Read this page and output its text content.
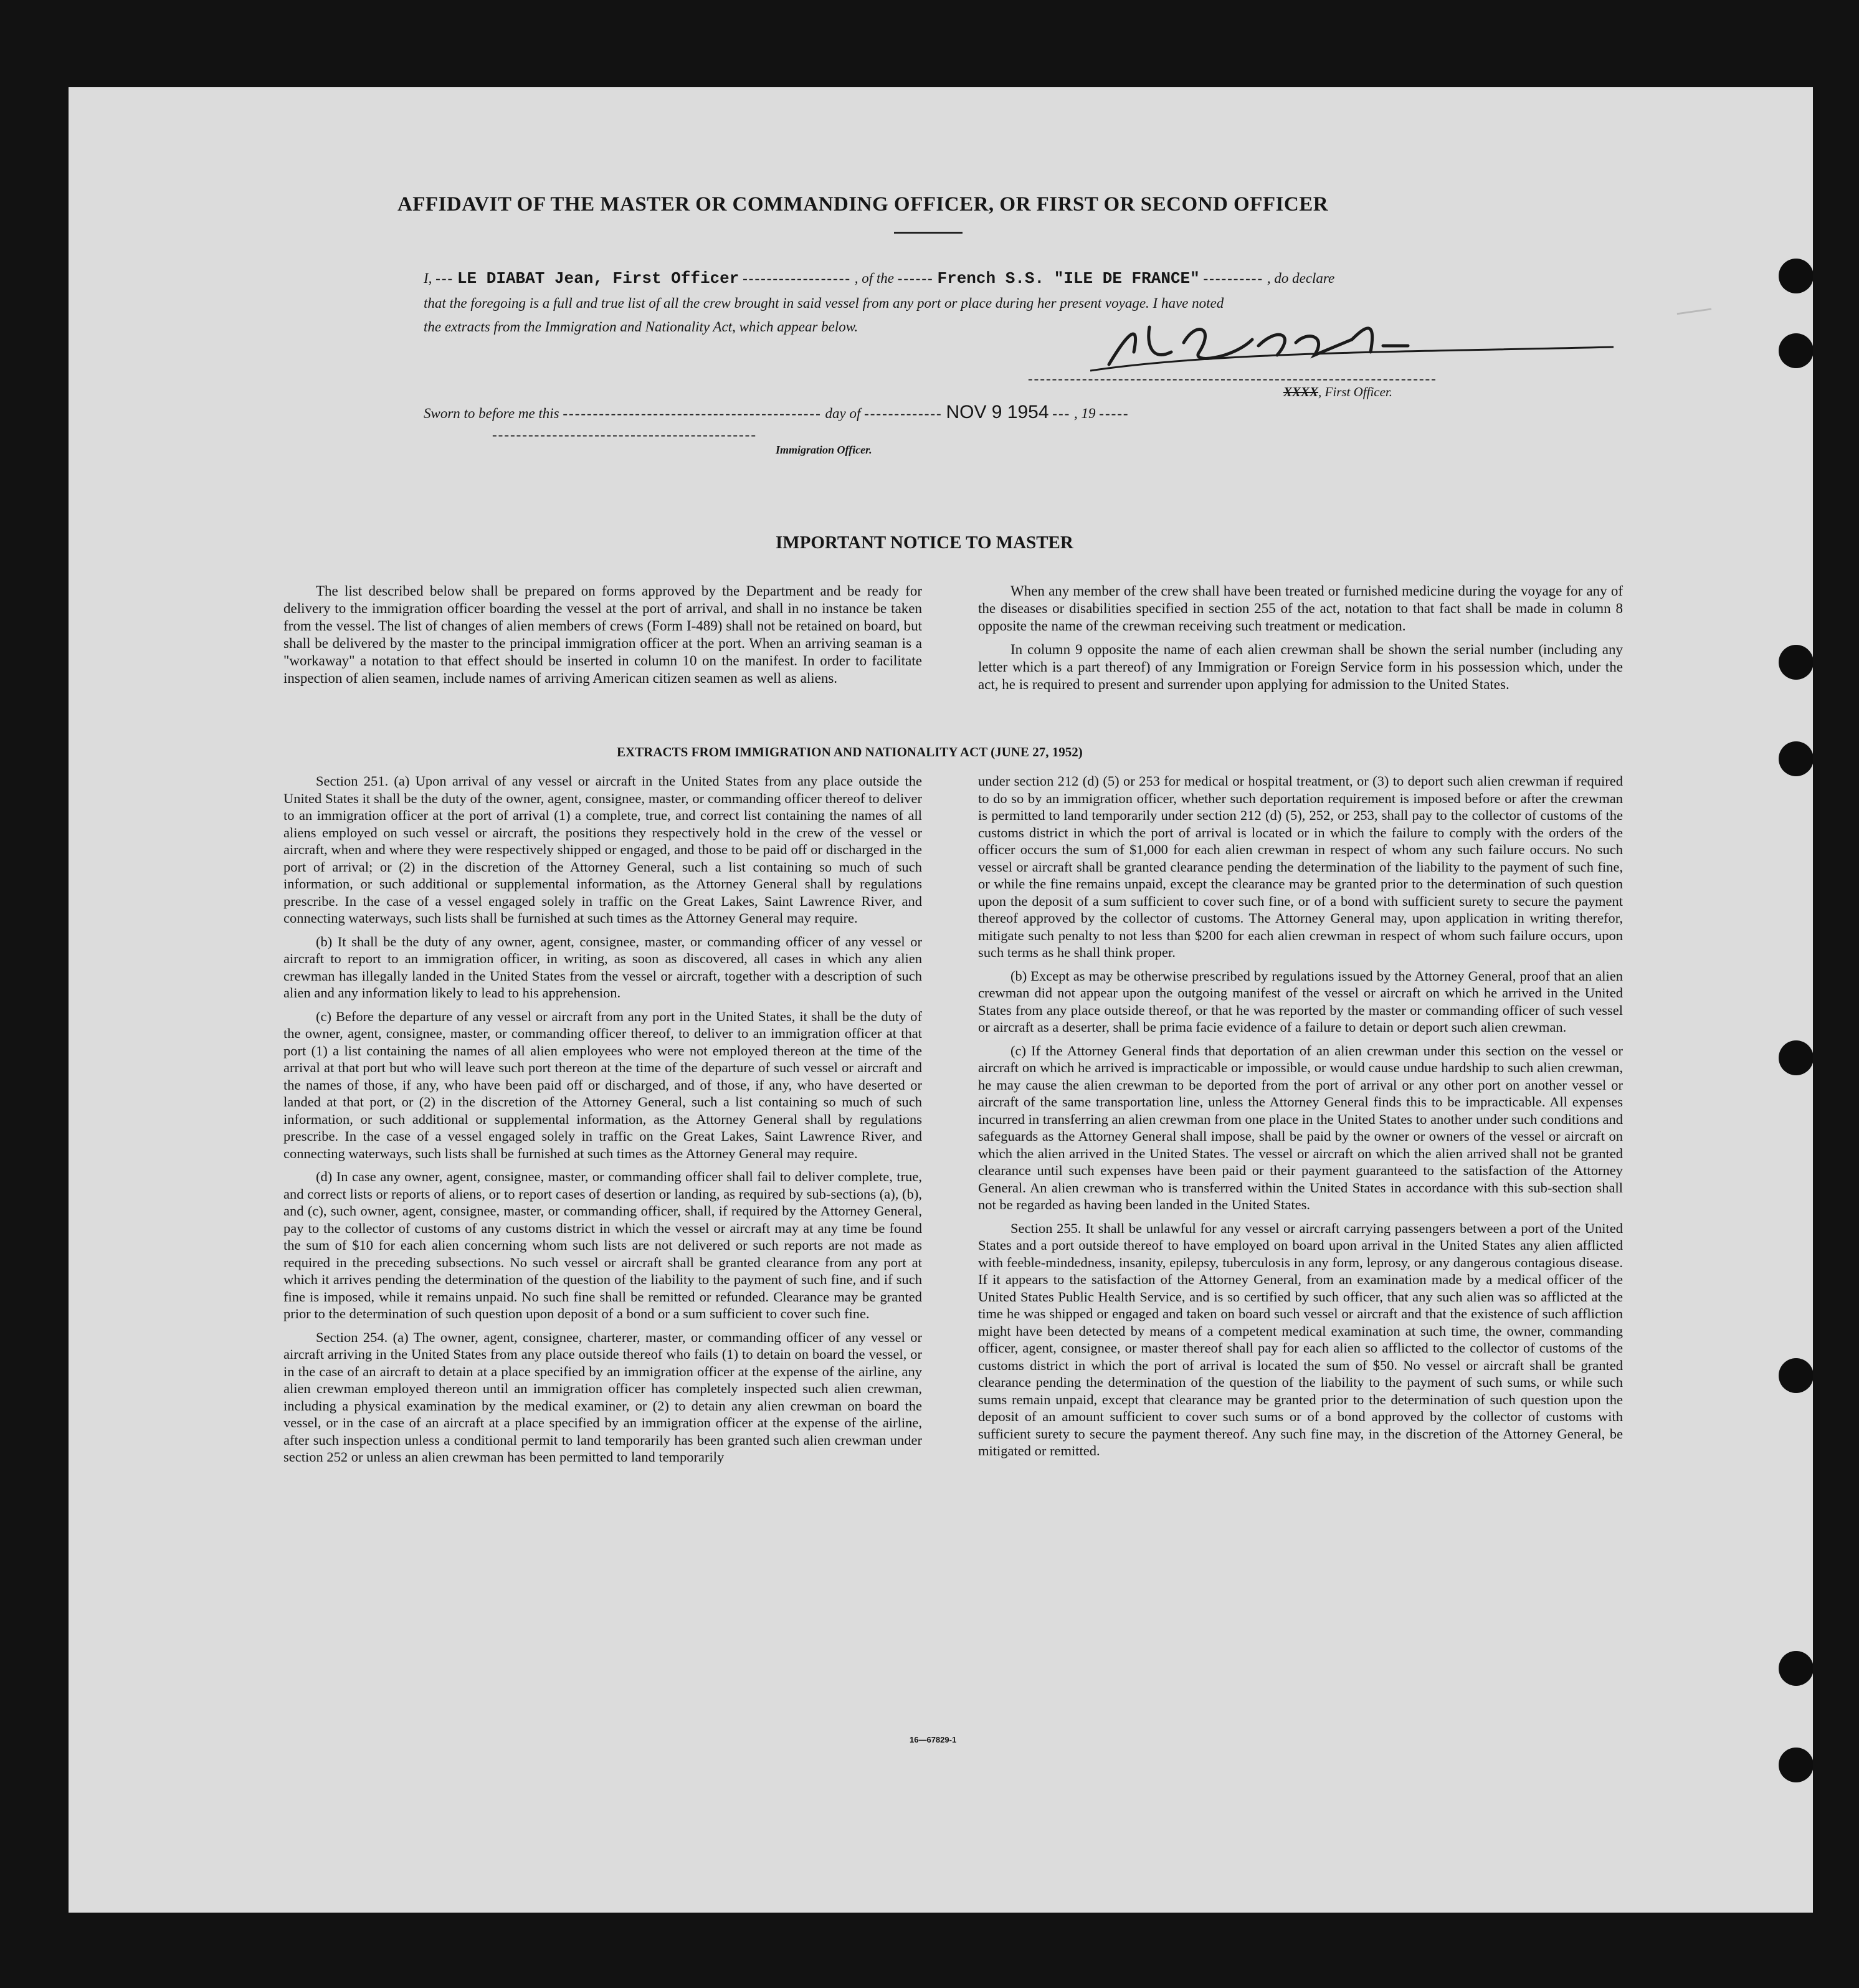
⸺
AFFIDAVIT OF THE MASTER OR COMMANDING OFFICER, OR FIRST OR SECOND OFFICER
I, --- LE DIABAT Jean, First Officer ------------------ , of the ------ French S.S. "ILE DE FRANCE" ---------- , do declare
that the foregoing is a full and true list of all the crew brought in said vessel from any port or place during her present voyage. I have noted
the extracts from the Immigration and Nationality Act, which appear below.
--------------------------------------------------------------------
XXXX, First Officer.
Sworn to before me this ------------------------------------------- day of ------------- NOV 9 1954 --- , 19 -----
--------------------------------------------
Immigration Officer.
IMPORTANT NOTICE TO MASTER

The list described below shall be prepared on forms approved by the Department and be ready for delivery to the immigration officer boarding the vessel at the port of arrival, and shall in no instance be taken from the vessel. The list of changes of alien members of crews (Form I-489) shall not be retained on board, but shall be delivered by the master to the principal immigration officer at the port. When an arriving seaman is a "workaway" a notation to that effect should be inserted in column 10 on the manifest. In order to facilitate inspection of alien seamen, include names of arriving American citizen seamen as well as aliens.

When any member of the crew shall have been treated or furnished medicine during the voyage for any of the diseases or disabilities specified in section 255 of the act, notation to that fact shall be made in column 8 opposite the name of the crewman receiving such treatment or medication.

In column 9 opposite the name of each alien crewman shall be shown the serial number (including any letter which is a part thereof) of any Immigration or Foreign Service form in his possession which, under the act, he is required to present and surrender upon applying for admission to the United States.

EXTRACTS FROM IMMIGRATION AND NATIONALITY ACT (JUNE 27, 1952)

Section 251. (a) Upon arrival of any vessel or aircraft in the United States from any place outside the United States it shall be the duty of the owner, agent, consignee, master, or commanding officer thereof to deliver to an immigration officer at the port of arrival (1) a complete, true, and correct list containing the names of all aliens employed on such vessel or aircraft, the positions they respectively hold in the crew of the vessel or aircraft, when and where they were respectively shipped or engaged, and those to be paid off or discharged in the port of arrival; or (2) in the discretion of the Attorney General, such a list containing so much of such information, or such additional or supplemental information, as the Attorney General shall by regulations prescribe. In the case of a vessel engaged solely in traffic on the Great Lakes, Saint Lawrence River, and connecting waterways, such lists shall be furnished at such times as the Attorney General may require.

(b) It shall be the duty of any owner, agent, consignee, master, or commanding officer of any vessel or aircraft to report to an immigration officer, in writing, as soon as discovered, all cases in which any alien crewman has illegally landed in the United States from the vessel or aircraft, together with a description of such alien and any information likely to lead to his apprehension.

(c) Before the departure of any vessel or aircraft from any port in the United States, it shall be the duty of the owner, agent, consignee, master, or commanding officer thereof, to deliver to an immigration officer at that port (1) a list containing the names of all alien employees who were not employed thereon at the time of the arrival at that port but who will leave such port thereon at the time of the departure of such vessel or aircraft and the names of those, if any, who have been paid off or discharged, and of those, if any, who have deserted or landed at that port, or (2) in the discretion of the Attorney General, such a list containing so much of such information, or such additional or supplemental information, as the Attorney General shall by regulations prescribe. In the case of a vessel engaged solely in traffic on the Great Lakes, Saint Lawrence River, and connecting waterways, such lists shall be furnished at such times as the Attorney General may require.

(d) In case any owner, agent, consignee, master, or commanding officer shall fail to deliver complete, true, and correct lists or reports of aliens, or to report cases of desertion or landing, as required by sub-sections (a), (b), and (c), such owner, agent, consignee, master, or commanding officer, shall, if required by the Attorney General, pay to the collector of customs of any customs district in which the vessel or aircraft may at any time be found the sum of $10 for each alien concerning whom such lists are not delivered or such reports are not made as required in the preceding subsections. No such vessel or aircraft shall be granted clearance from any port at which it arrives pending the determination of the question of the liability to the payment of such fine, and if such fine is imposed, while it remains unpaid. No such fine shall be remitted or refunded. Clearance may be granted prior to the determination of such question upon deposit of a bond or a sum sufficient to cover such fine.

Section 254. (a) The owner, agent, consignee, charterer, master, or commanding officer of any vessel or aircraft arriving in the United States from any place outside thereof who fails (1) to detain on board the vessel, or in the case of an aircraft to detain at a place specified by an immigration officer at the expense of the airline, any alien crewman employed thereon until an immigration officer has completely inspected such alien crewman, including a physical examination by the medical examiner, or (2) to detain any alien crewman on board the vessel, or in the case of an aircraft at a place specified by an immigration officer at the expense of the airline, after such inspection unless a conditional permit to land temporarily has been granted such alien crewman under section 252 or unless an alien crewman has been permitted to land temporarily

under section 212 (d) (5) or 253 for medical or hospital treatment, or (3) to deport such alien crewman if required to do so by an immigration officer, whether such deportation requirement is imposed before or after the crewman is permitted to land temporarily under section 212 (d) (5), 252, or 253, shall pay to the collector of customs of the customs district in which the port of arrival is located or in which the failure to comply with the orders of the officer occurs the sum of $1,000 for each alien crewman in respect of whom any such failure occurs. No such vessel or aircraft shall be granted clearance pending the determination of the liability to the payment of such fine, or while the fine remains unpaid, except the clearance may be granted prior to the determination of such question upon the deposit of a sum sufficient to cover such fine, or of a bond with sufficient surety to secure the payment thereof approved by the collector of customs. The Attorney General may, upon application in writing therefor, mitigate such penalty to not less than $200 for each alien crewman in respect of whom such failure occurs, upon such terms as he shall think proper.

(b) Except as may be otherwise prescribed by regulations issued by the Attorney General, proof that an alien crewman did not appear upon the outgoing manifest of the vessel or aircraft on which he arrived in the United States from any place outside thereof, or that he was reported by the master or commanding officer of such vessel or aircraft as a deserter, shall be prima facie evidence of a failure to detain or deport such alien crewman.

(c) If the Attorney General finds that deportation of an alien crewman under this section on the vessel or aircraft on which he arrived is impracticable or impossible, or would cause undue hardship to such alien crewman, he may cause the alien crewman to be deported from the port of arrival or any other port on another vessel or aircraft of the same transportation line, unless the Attorney General finds this to be impracticable. All expenses incurred in transferring an alien crewman from one place in the United States to another under such conditions and safeguards as the Attorney General shall impose, shall be paid by the owner or owners of the vessel or aircraft on which the alien arrived in the United States. The vessel or aircraft on which the alien arrived shall not be granted clearance until such expenses have been paid or their payment guaranteed to the satisfaction of the Attorney General. An alien crewman who is transferred within the United States in accordance with this sub-section shall not be regarded as having been landed in the United States.

Section 255. It shall be unlawful for any vessel or aircraft carrying passengers between a port of the United States and a port outside thereof to have employed on board upon arrival in the United States any alien afflicted with feeble-mindedness, insanity, epilepsy, tuberculosis in any form, leprosy, or any dangerous contagious disease. If it appears to the satisfaction of the Attorney General, from an examination made by a medical officer of the United States Public Health Service, and is so certified by such officer, that any such alien was so afflicted at the time he was shipped or engaged and taken on board such vessel or aircraft and that the existence of such affliction might have been detected by means of a competent medical examination at such time, the owner, commanding officer, agent, consignee, or master thereof shall pay for each alien so afflicted to the collector of customs of the customs district in which the port of arrival is located the sum of $50. No vessel or aircraft shall be granted clearance pending the determination of the question of the liability to the payment of such sums, or while such sums remain unpaid, except that clearance may be granted prior to the determination of such question upon the deposit of an amount sufficient to cover such sums or of a bond approved by the collector of customs with sufficient surety to secure the payment thereof. Any such fine may, in the discretion of the Attorney General, be mitigated or remitted.

16—67829-1
